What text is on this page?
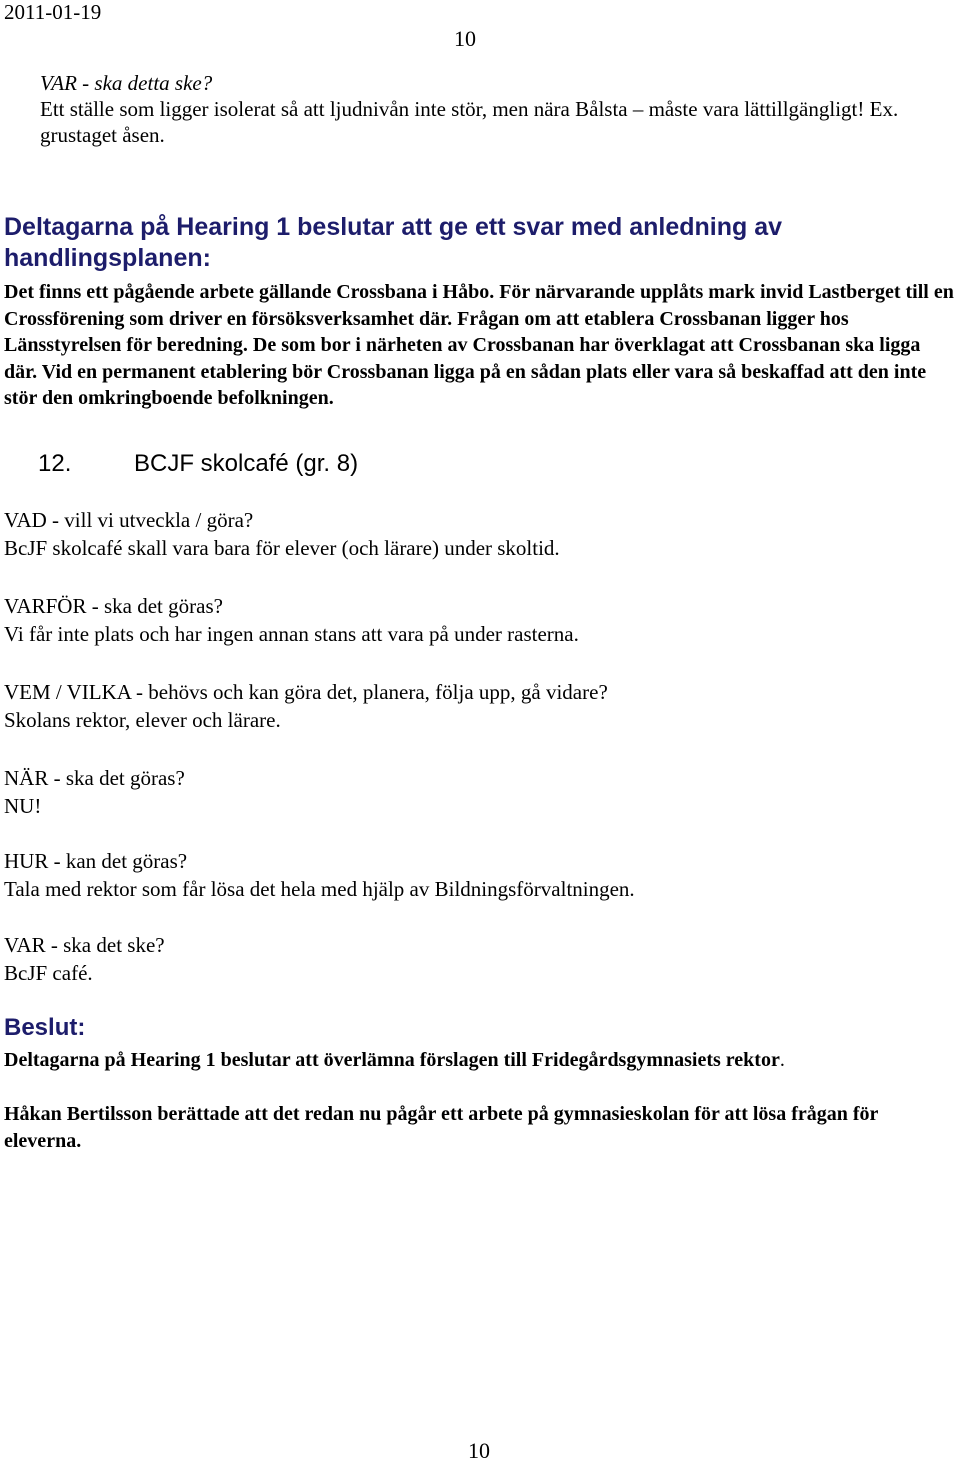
2011-01-19
10
VAR - ska detta ske?
Ett ställe som ligger isolerat så att ljudnivån inte stör, men nära Bålsta – måste vara lättillgängligt! Ex. grustaget åsen.
Deltagarna på Hearing 1 beslutar att ge ett svar med anledning av handlingsplanen:
Det finns ett pågående arbete gällande Crossbana i Håbo. För närvarande upplåts mark invid Lastberget till en Crossförening som driver en försöksverksamhet där. Frågan om att etablera Crossbanan ligger hos Länsstyrelsen för beredning. De som bor i närheten av Crossbanan har överklagat att Crossbanan ska ligga där. Vid en permanent etablering bör Crossbanan ligga på en sådan plats eller vara så beskaffad att den inte stör den omkringboende befolkningen.
12.	BCJF skolcafé (gr. 8)
VAD - vill vi utveckla / göra?
BcJF skolcafé skall vara bara för elever (och lärare) under skoltid.
VARFÖR - ska det göras?
Vi får inte plats och har ingen annan stans att vara på under rasterna.
VEM / VILKA - behövs och kan göra det, planera, följa upp, gå vidare?
Skolans rektor, elever och lärare.
NÄR - ska det göras?
NU!
HUR - kan det göras?
Tala med rektor som får lösa det hela med hjälp av Bildningsförvaltningen.
VAR - ska det ske?
BcJF café.
Beslut:
Deltagarna på Hearing 1 beslutar att överlämna förslagen till Fridegårdsgymnasiets rektor.
Håkan Bertilsson berättade att det redan nu pågår ett arbete på gymnasieskolan för att lösa frågan för eleverna.
10
